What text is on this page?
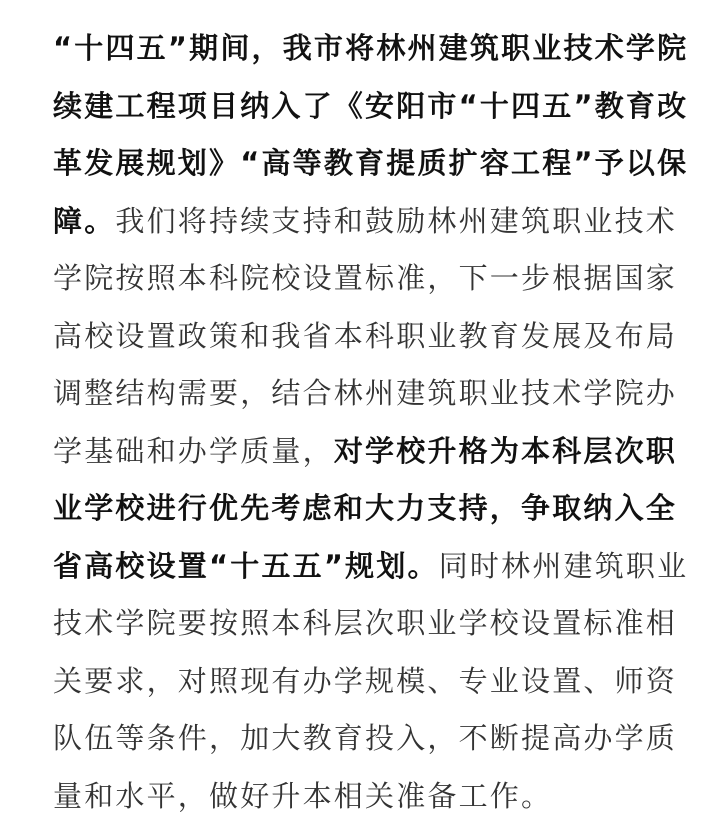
“十四五”期间，我市将林州建筑职业技术学院
续建工程项目纳入了《安阳市“十四五”教育改
革发展规划》“高等教育提质扩容工程”予以保
障。我们将持续支持和鼓励林州建筑职业技术
学院按照本科院校设置标准，下一步根据国家
高校设置政策和我省本科职业教育发展及布局
调整结构需要，结合林州建筑职业技术学院办
学基础和办学质量，对学校升格为本科层次职
业学校进行优先考虑和大力支持，争取纳入全
省高校设置“十五五”规划。同时林州建筑职业
技术学院要按照本科层次职业学校设置标准相
关要求，对照现有办学规模、专业设置、师资
队伍等条件，加大教育投入，不断提高办学质
量和水平，做好升本相关准备工作。
